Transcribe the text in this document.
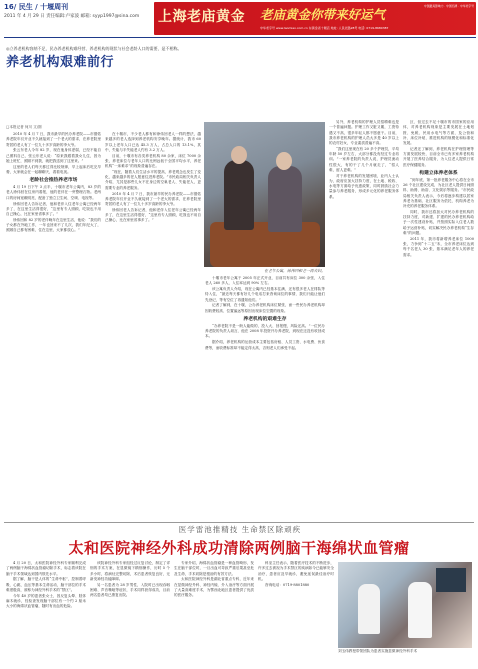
16/ 民生 / 十堰周刊
2011 年 4 月 29 日 责任编辑:卢家波 邮箱: syyp1997@sina.com 上海老庙黄金	老庙黄金你带来好运气
中国最具影响力 · 中国名牌 · 中华老字号
中华老字号 www.laomiao.com.cn 东黄金省十堰店 地址: 人民北路28号 电话: 0719-8680387
◎立养老机构容纳不足，民办养老机构难经营、养老机构的现状与社会老龄人口的需要，是不相称。
养老机构艰难前行
□本报记者 何川 文/图

2010 年 4 月 7 日，我市最早的民办养老院——市德佑养老院年仅开业不久就接到了一个老大的需求，在养老院里寄居的老人有了一位九十多岁高龄的李大爷。

张云东老人今年 82 岁，现在他身体虚弱，已经不能自己照料自己，张云东老人说：“原来我跟着我女儿住，因为她上班忙，照顾不到我，就把我送到了这里来。”

这里的老人们每天都过得比较规律，早上起床后吃完早餐，大家就会在一起聊聊天，看看电视。

老龄社会推热养老市场

4 月 19 日下午 3 点半，十堰市老年公寓内，83 岁的老人徐伟回在住房内看报，他的老伴在一旁整理衣物。老两口的房间宽敞明亮，配备了独立卫生间、空调、电视等。

徐伟回老人告诉记者，他和老伴入住老年公寓已经两年多了，在这里生活得很好，“这里有专人照顾，吃饭也不用自己操心，比在家里省事多了。”

徐伟回和 82 岁的老伴晚年在这里生活，他说：“我们的子女都在外地工作，一年也回来不了几次，我们年纪大了，照顾自己都有困难，住在这里，大家都放心。”

在十堰市，不少老人都有和徐伟回老人一样的想法，越来越多的老人选择到养老机构安享晚年。据统计，我市 60 岁以上老年人口已达 45.3 万人，占总人口的 13.1%，其中，失能与半失能老人约有 3.2 万人。

目前，十堰市有各类养老机构 80 余家，床位 7000 余张，养老床位与老年人口的比例远低于全国平均水平，养老机构“一床难求”的现象普遍存在。

“现在，随着人们生活水平的提高，养老观念也发生了变化，越来越多的老人愿意住进养老院。”市民政局相关负责人介绍，尤其是那些儿女不在身边的空巢老人、失能老人，更需要专业的养老服务。

2010 年 4 月 7 日，我市最早的民办养老院——市德佑养老院年仅开业不久就接到了一个老大的需求，在养老院里寄居的老人有了一位九十多岁高龄的李大爷。

徐伟回老人告诉记者，他和老伴入住老年公寓已经两年多了，在这里生活得很好，“这里有专人照顾，吃饭也不用自己操心，比在家里省事多了。”

在老年公寓，徐伟回和老一再夫妇。

十堰市老年公寓于 2005 年正式开业，目前共有床位 300 余张，入住老人 260 多人，入住率达到 90% 左右。

该公寓负责人介绍，现在公寓内已经基本住满，还有很多老人在排队等待入住，“最近每天都有好几个电话打来咨询床位的事情，我们只能让他们先登记，等有空位了再通知他们。”

记者了解到，在十堰，公办养老机构床位紧张，而一些民办养老机构却因收费较高、位置偏远等原因出现床位空置的现象。

养老机构的艰难生存

“办养老院不是一般人能做的，投入大、回报慢，风险还高。”一位民办养老院的负责人坦言，他在 2008 年投资开办养老院，到现在还没有收回成本。

据介绍，养老机构的运营成本主要包括房租、人员工资、水电费、伙食费等，而收费标准却不能定得太高，否则老人们承受不起。

另外，养老机构的护理人员招聘难也是一个普遍问题。护理工作又脏又累，工资待遇又不高，很多年轻人都不愿意干。目前，我市养老机构的护理人员大多是 40 岁以上的农村妇女，专业素质普遍不高。

“我们这里现在有 20 多个护理员，平均年龄 50 岁左右，大部分都没有经过专业培训。”一家养老院的负责人说，护理员流动性很大，有的干了几个月就走了，“招人难，留人更难。”

对于养老机构的发展困境，业内人士认为，政府应加大扶持力度，在土地、税收、水电等方面给予优惠政策，同时鼓励社会力量参与养老服务，形成多元化的养老服务体系。

区、但过去不足十堰市的市国家的应用体，对养老机构现象是主要发展在土地划拨、免税、民用水电气等方面，及公营和补、床位补贴，推进机构的规模化和标准化发展。

记者还了解到，养老机构在护理管理等方面发展较快，目前全市已有多家养老机构开展了医养结合服务，为入住老人提供日常医疗保健服务。

构建立体养老体系

“到年底，第一批养老服务中心将在全市 26 个社区建设完成，为社区老人提供日间照料、助餐、助浴、文化娱乐等服务。”市民政局相关负责人表示，今后将逐步构建以居家养老为基础、社区服务为依托、机构养老为补充的养老服务体系。

同时，我市还将加大对民办养老机构的扶持力度，对新建、扩建的民办养老机构给予一次性建设补贴，并按照实际入住老人数给予运营补贴，切实解决民办养老机构“生存难”的问题。

2011 年，我市将新增养老床位 1000 张，力争到“十二五”末，全市养老床位达到每千名老人 30 张，基本满足老年人的养老需求。

医学雷池推精技 生命禁区除顽疾
太和医院神经外科成功清除两例脑干海绵状血管瘤

4 月 20 日，太和医院神经外科专家顺利完成了两例脑干海绵状血管瘤切除手术，标志着该院在脑干手术领域达到国内领先水平。

据了解，脑干是人体的“生命中枢”，控制着呼吸、心跳、血压等基本生命活动，脑干部位的手术难度极高，被称为神经外科手术的“禁区”。

今年 40 岁的患者张女士，因反复头晕、肢体麻木就诊，经检查发现脑干部位有一个约 2 厘米大小的海绵状血管瘤，随时有出血的危险。

该院神经外科专家组经过反复讨论，制定了详细的手术方案，在显微镜下精细操作，历时 5 个多小时，将病灶完整切除，术后患者恢复良好，无新发神经功能障碍。

另一名患者为 28 岁男性，入院时已出现吞咽困难、声音嘶哑等症状，手术同样获得成功，目前两名患者均已康复出院。

专家介绍，海绵状血管瘤是一种血管畸形，发生在脑干部位时，一旦出血可导致严重后果甚至危及生命，手术切除是根治的有效方法。

太和医院神经外科是湖北省重点专科，近年来在显微神经外科、神经内镜、介入治疗等方面开展了大量高难度手术，为鄂西北地区患者提供了优质的医疗服务。

科室主任表示，随着医疗技术的不断进步，许多过去被视为手术禁区的疾病如今已能够安全治疗，患者应及早就诊，避免延误最佳治疗时机。

咨询电话：0719-8801880

刘玉伟教授带领团队为患者实施显微神经外科手术
